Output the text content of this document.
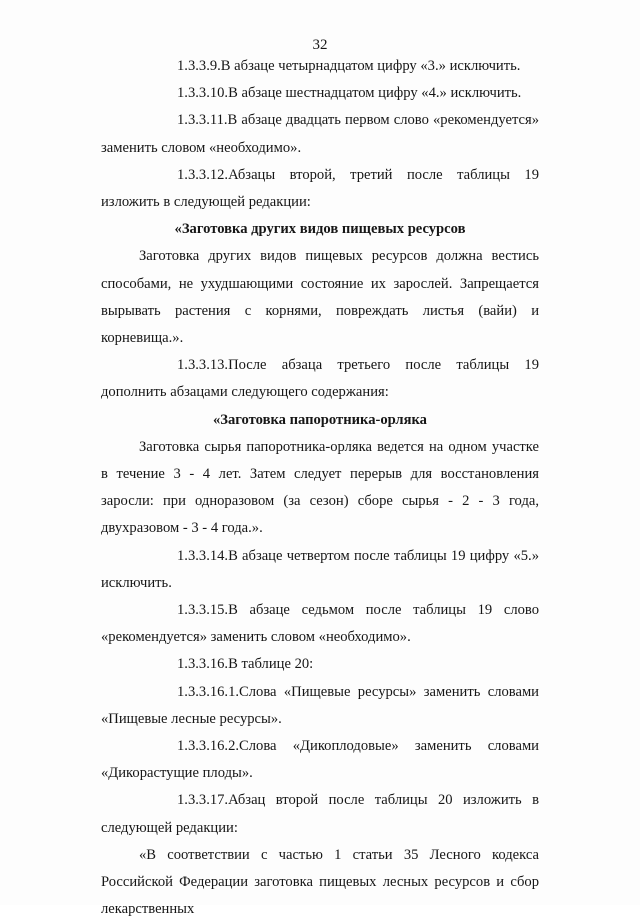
32

1.3.3.9.В абзаце четырнадцатом цифру «3.» исключить.

1.3.3.10.В абзаце шестнадцатом цифру «4.» исключить.

1.3.3.11.В абзаце двадцать первом слово «рекомендуется» заменить словом «необходимо».

1.3.3.12.Абзацы второй, третий после таблицы 19 изложить в следующей редакции:

«Заготовка других видов пищевых ресурсов

Заготовка других видов пищевых ресурсов должна вестись способами, не ухудшающими состояние их зарослей. Запрещается вырывать растения с корнями, повреждать листья (вайи) и корневища.».

1.3.3.13.После абзаца третьего после таблицы 19 дополнить абзацами следующего содержания:

«Заготовка папоротника-орляка

Заготовка сырья папоротника-орляка ведется на одном участке в течение 3 - 4 лет. Затем следует перерыв для восстановления заросли: при одноразовом (за сезон) сборе сырья - 2 - 3 года, двухразовом - 3 - 4 года.».

1.3.3.14.В абзаце четвертом после таблицы 19 цифру «5.» исключить.

1.3.3.15.В абзаце седьмом после таблицы 19 слово «рекомендуется» заменить словом «необходимо».

1.3.3.16.В таблице 20:

1.3.3.16.1.Слова «Пищевые ресурсы» заменить словами «Пищевые лесные ресурсы».

1.3.3.16.2.Слова «Дикоплодовые» заменить словами «Дикорастущие плоды».

1.3.3.17.Абзац второй после таблицы 20 изложить в следующей редакции:

«В соответствии с частью 1 статьи 35 Лесного кодекса Российской Федерации заготовка пищевых лесных ресурсов и сбор лекарственных
